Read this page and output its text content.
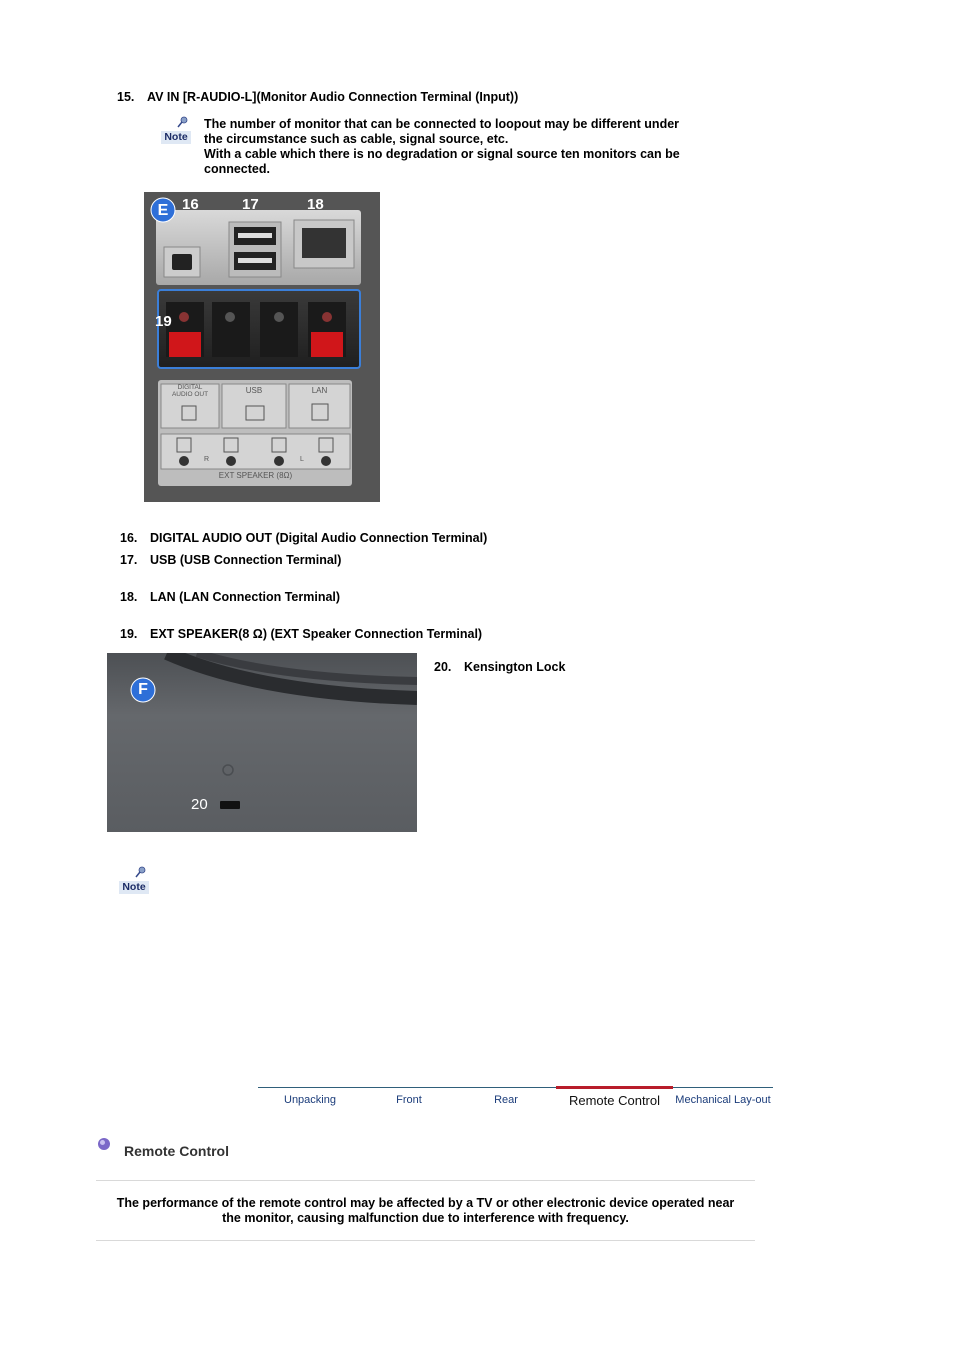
15. AV IN [R-AUDIO-L](Monitor Audio Connection Terminal (Input))
Note
The number of monitor that can be connected to loopout may be different under
the circumstance such as cable, signal source, etc.
With a cable which there is no degradation or signal source ten monitors can be
connected.
E 16	17	18
19
DIGITAL
AUDIO OUT	USB	LAN
R	L
EXT SPEAKER (8Ω)
16. DIGITAL AUDIO OUT (Digital Audio Connection Terminal)
17. USB (USB Connection Terminal)
18. LAN (LAN Connection Terminal)
19. EXT SPEAKER(8 Ω) (EXT Speaker Connection Terminal)
F
20
20. Kensington Lock
Note
Unpacking	Front	Rear	Remote Control	Mechanical Lay-out
Remote Control
The performance of the remote control may be affected by a TV or other electronic device operated near
the monitor, causing malfunction due to interference with frequency.
